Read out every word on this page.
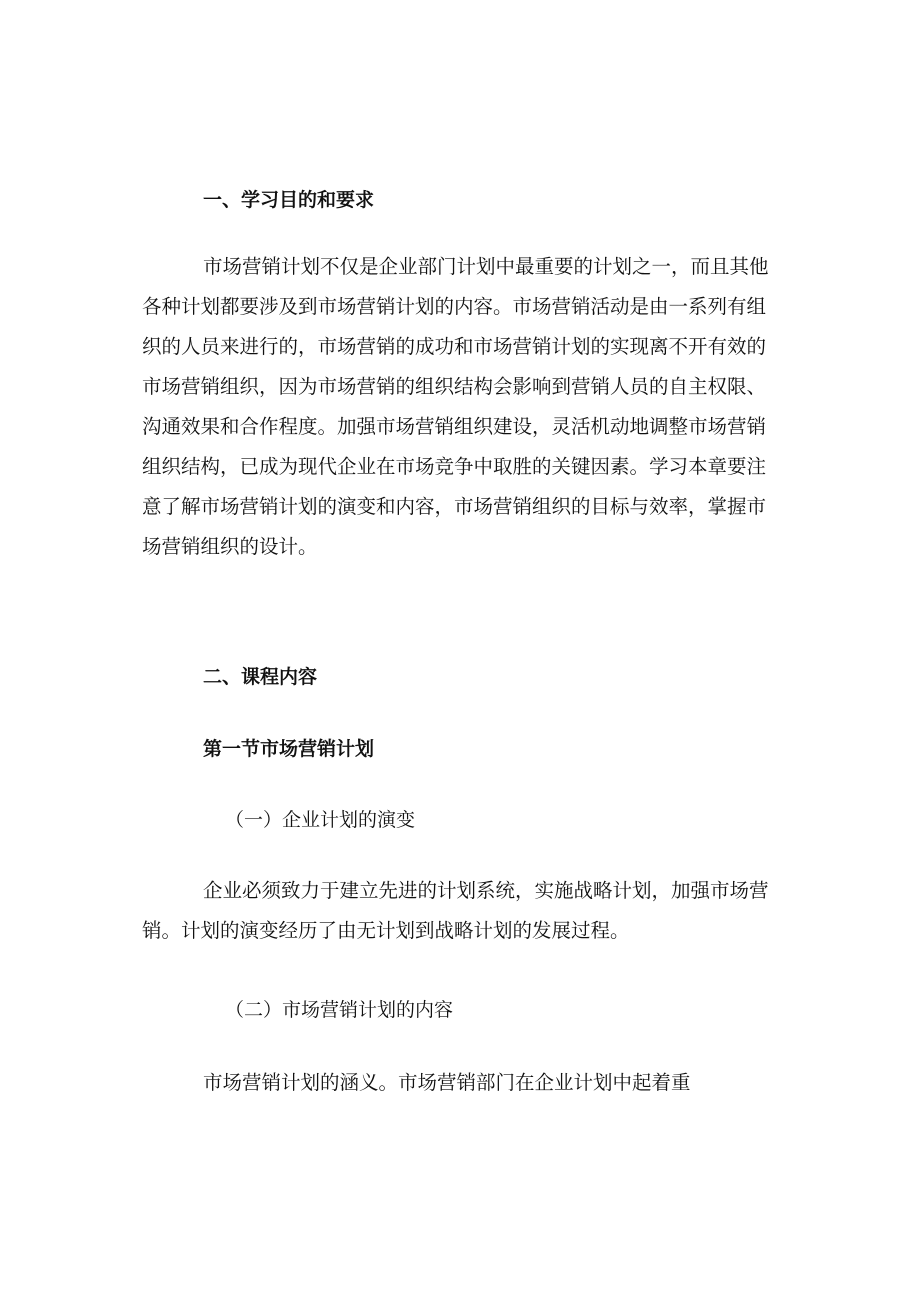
一、学习目的和要求
市场营销计划不仅是企业部门计划中最重要的计划之一，而且其他
各种计划都要涉及到市场营销计划的内容。市场营销活动是由一系列有组
织的人员来进行的，市场营销的成功和市场营销计划的实现离不开有效的
市场营销组织，因为市场营销的组织结构会影响到营销人员的自主权限、
沟通效果和合作程度。加强市场营销组织建设，灵活机动地调整市场营销
组织结构，已成为现代企业在市场竞争中取胜的关键因素。学习本章要注
意了解市场营销计划的演变和内容，市场营销组织的目标与效率，掌握市
场营销组织的设计。
二、课程内容
第一节市场营销计划
（一）企业计划的演变
企业必须致力于建立先进的计划系统，实施战略计划，加强市场营
销。计划的演变经历了由无计划到战略计划的发展过程。
（二）市场营销计划的内容
市场营销计划的涵义。市场营销部门在企业计划中起着重
